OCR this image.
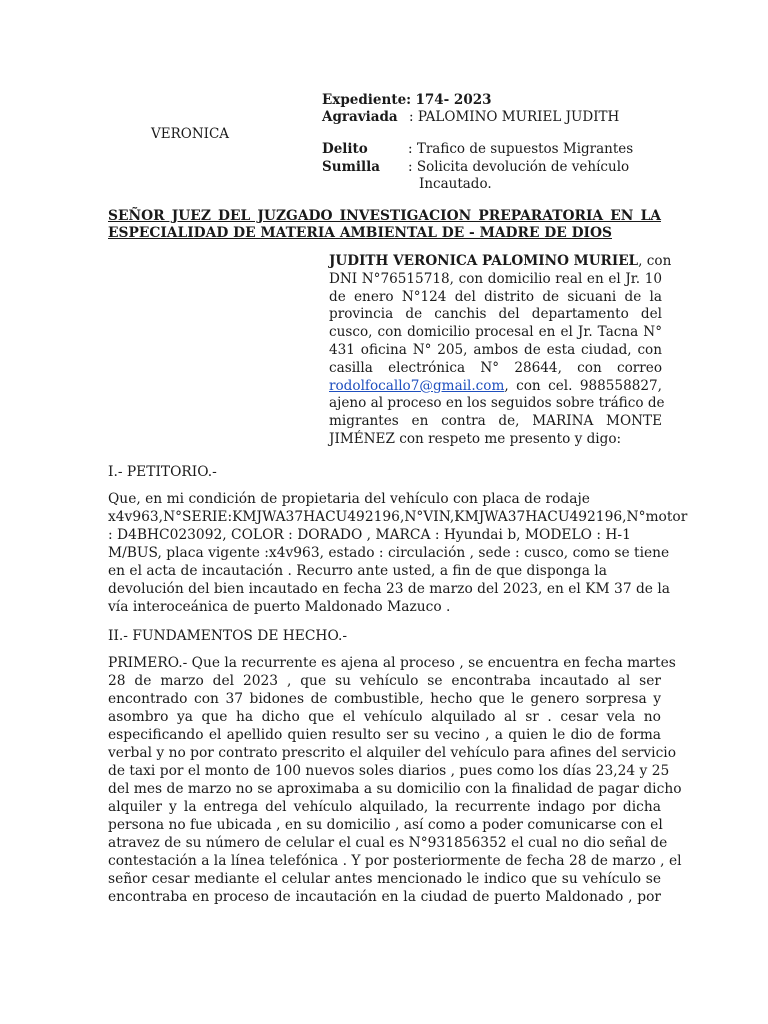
Expediente: 174- 2023
Agraviada : PALOMINO MURIEL JUDITH
VERONICA
Delito	: Trafico de supuestos Migrantes
Sumilla : Solicita devolución de vehículo
Incautado.
SEÑOR JUEZ DEL JUZGADO INVESTIGACION PREPARATORIA EN LA
ESPECIALIDAD DE MATERIA AMBIENTAL DE - MADRE DE DIOS
JUDITH VERONICA PALOMINO MURIEL, con
DNI N°76515718, con domicilio real en el Jr. 10
de enero N°124 del distrito de sicuani de la
provincia de canchis del departamento del
cusco, con domicilio procesal en el Jr. Tacna N°
431 oficina N° 205, ambos de esta ciudad, con
casilla electrónica N° 28644, con correo
rodolfocallo7@gmail.com, con cel. 988558827,
ajeno al proceso en los seguidos sobre tráfico de
migrantes en contra de, MARINA MONTE
JIMÉNEZ con respeto me presento y digo:
I.- PETITORIO.-
Que, en mi condición de propietaria del vehículo con placa de rodaje
x4v963,N°SERIE:KMJWA37HACU492196,N°VIN,KMJWA37HACU492196,N°motor
: D4BHC023092, COLOR : DORADO , MARCA : Hyundai b, MODELO : H-1
M/BUS, placa vigente :x4v963, estado : circulación , sede : cusco, como se tiene
en el acta de incautación . Recurro ante usted, a fin de que disponga la
devolución del bien incautado en fecha 23 de marzo del 2023, en el KM 37 de la
vía interoceánica de puerto Maldonado Mazuco .
II.- FUNDAMENTOS DE HECHO.-
PRIMERO.- Que la recurrente es ajena al proceso , se encuentra en fecha martes
28 de marzo del 2023 , que su vehículo se encontraba incautado al ser
encontrado con 37 bidones de combustible, hecho que le genero sorpresa y
asombro ya que ha dicho que el vehículo alquilado al sr . cesar vela no
especificando el apellido quien resulto ser su vecino , a quien le dio de forma
verbal y no por contrato prescrito el alquiler del vehículo para afines del servicio
de taxi por el monto de 100 nuevos soles diarios , pues como los días 23,24 y 25
del mes de marzo no se aproximaba a su domicilio con la finalidad de pagar dicho
alquiler y la entrega del vehículo alquilado, la recurrente indago por dicha
persona no fue ubicada , en su domicilio , así como a poder comunicarse con el
atravez de su número de celular el cual es N°931856352 el cual no dio señal de
contestación a la línea telefónica . Y por posteriormente de fecha 28 de marzo , el
señor cesar mediante el celular antes mencionado le indico que su vehículo se
encontraba en proceso de incautación en la ciudad de puerto Maldonado , por
